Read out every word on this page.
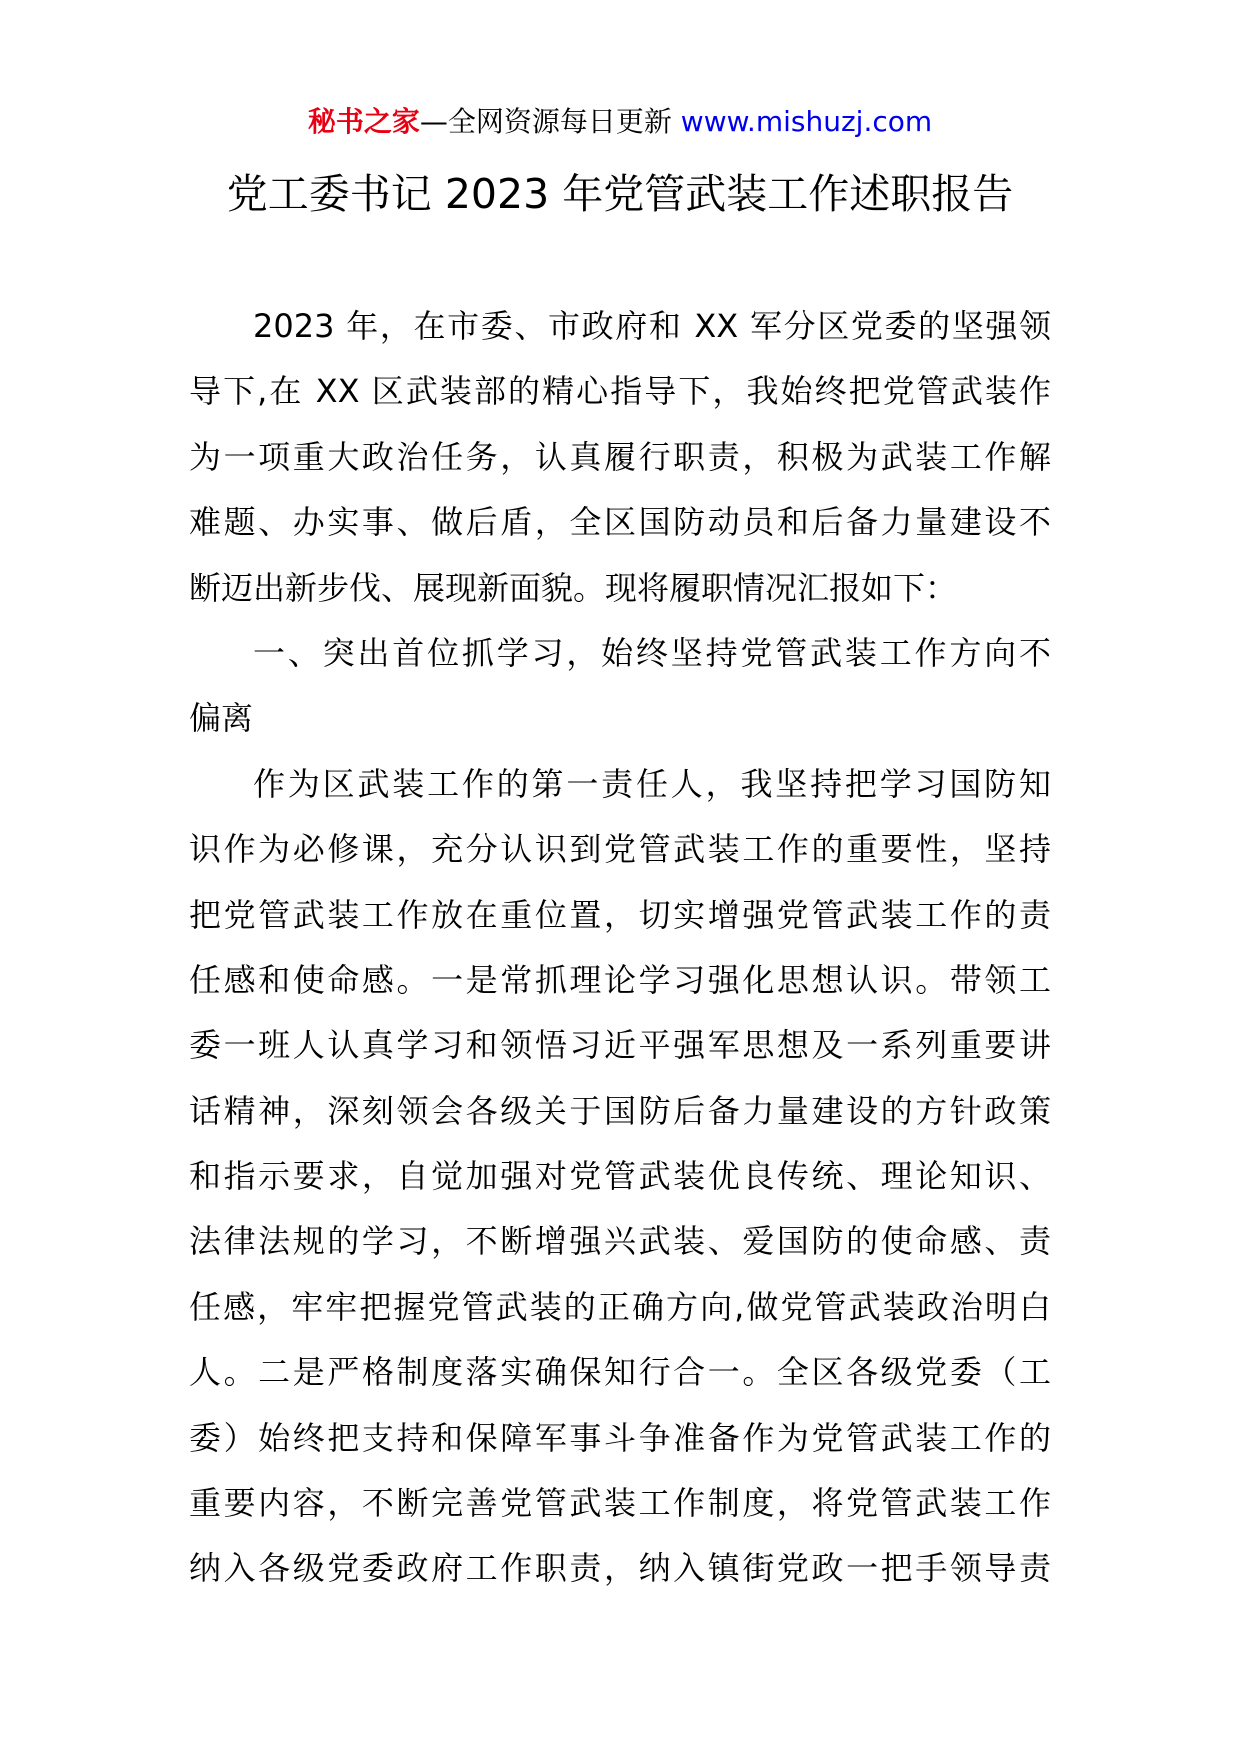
秘书之家—全网资源每日更新 www.mishuzj.com
党工委书记 2023 年党管武装工作述职报告
2023 年，在市委、市政府和 XX 军分区党委的坚强领
导下,在 XX 区武装部的精心指导下，我始终把党管武装作
为一项重大政治任务，认真履行职责，积极为武装工作解
难题、办实事、做后盾，全区国防动员和后备力量建设不
断迈出新步伐、展现新面貌。现将履职情况汇报如下：
一、突出首位抓学习，始终坚持党管武装工作方向不
偏离
作为区武装工作的第一责任人，我坚持把学习国防知
识作为必修课，充分认识到党管武装工作的重要性，坚持
把党管武装工作放在重位置，切实增强党管武装工作的责
任感和使命感。一是常抓理论学习强化思想认识。带领工
委一班人认真学习和领悟习近平强军思想及一系列重要讲
话精神，深刻领会各级关于国防后备力量建设的方针政策
和指示要求，自觉加强对党管武装优良传统、理论知识、
法律法规的学习，不断增强兴武装、爱国防的使命感、责
任感，牢牢把握党管武装的正确方向,做党管武装政治明白
人。二是严格制度落实确保知行合一。全区各级党委（工
委）始终把支持和保障军事斗争准备作为党管武装工作的
重要内容，不断完善党管武装工作制度，将党管武装工作
纳入各级党委政府工作职责，纳入镇街党政一把手领导责
